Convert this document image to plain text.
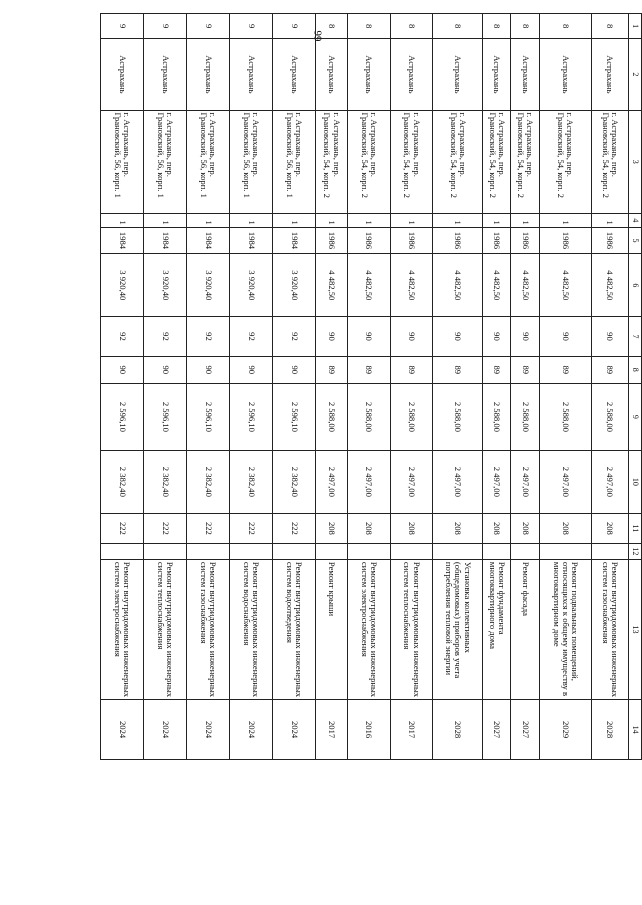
66
1	2	3	4	5	6	7	8	9	10	11	12	13	14
8	Астрахань	г. Астрахань, пер. Грановский, 54, корп. 2	1	1986	4 482,50	90	89	2 588,00	2 497,00	208		Ремонт внутридомовых инженерных систем газоснабжения	2028
8	Астрахань	г. Астрахань, пер. Грановский, 54, корп. 2	1	1986	4 482,50	90	89	2 588,00	2 497,00	208		Ремонт подвальных помещений, относящихся к общему имуществу в многоквартирном доме	2029
8	Астрахань	г. Астрахань, пер. Грановский, 54, корп. 2	1	1986	4 482,50	90	89	2 588,00	2 497,00	208		Ремонт фасада	2027
8	Астрахань	г. Астрахань, пер. Грановский, 54, корп. 2	1	1986	4 482,50	90	89	2 588,00	2 497,00	208		Ремонт фундамента многоквартирного дома	2027
8	Астрахань	г. Астрахань, пер. Грановский, 54, корп. 2	1	1986	4 482,50	90	89	2 588,00	2 497,00	208		Установка коллективных (общедомовых) приборов учета потребления тепловой энергии	2028
8	Астрахань	г. Астрахань, пер. Грановский, 54, корп. 2	1	1986	4 482,50	90	89	2 588,00	2 497,00	208		Ремонт внутридомовых инженерных систем теплоснабжения	2017
8	Астрахань	г. Астрахань, пер. Грановский, 54, корп. 2	1	1986	4 482,50	90	89	2 588,00	2 497,00	208		Ремонт внутридомовых инженерных систем электроснабжения	2016
8	Астрахань	г. Астрахань, пер. Грановский, 54, корп. 2	1	1986	4 482,50	90	89	2 588,00	2 497,00	208		Ремонт крыши	2017
9	Астрахань	г. Астрахань, пер. Грановский, 56, корп. 1	1	1984	3 920,40	92	90	2 596,10	2 382,40	222		Ремонт внутридомовых инженерных систем водоотведения	2024
9	Астрахань	г. Астрахань, пер. Грановский, 56, корп. 1	1	1984	3 920,40	92	90	2 596,10	2 382,40	222		Ремонт внутридомовых инженерных систем водоснабжения	2024
9	Астрахань	г. Астрахань, пер. Грановский, 56, корп. 1	1	1984	3 920,40	92	90	2 596,10	2 382,40	222		Ремонт внутридомовых инженерных систем газоснабжения	2024
9	Астрахань	г. Астрахань, пер. Грановский, 56, корп. 1	1	1984	3 920,40	92	90	2 596,10	2 382,40	222		Ремонт внутридомовых инженерных систем теплоснабжения	2024
9	Астрахань	г. Астрахань, пер. Грановский, 56, корп. 1	1	1984	3 920,40	92	90	2 596,10	2 382,40	222		Ремонт внутридомовых инженерных систем электроснабжения	2024
